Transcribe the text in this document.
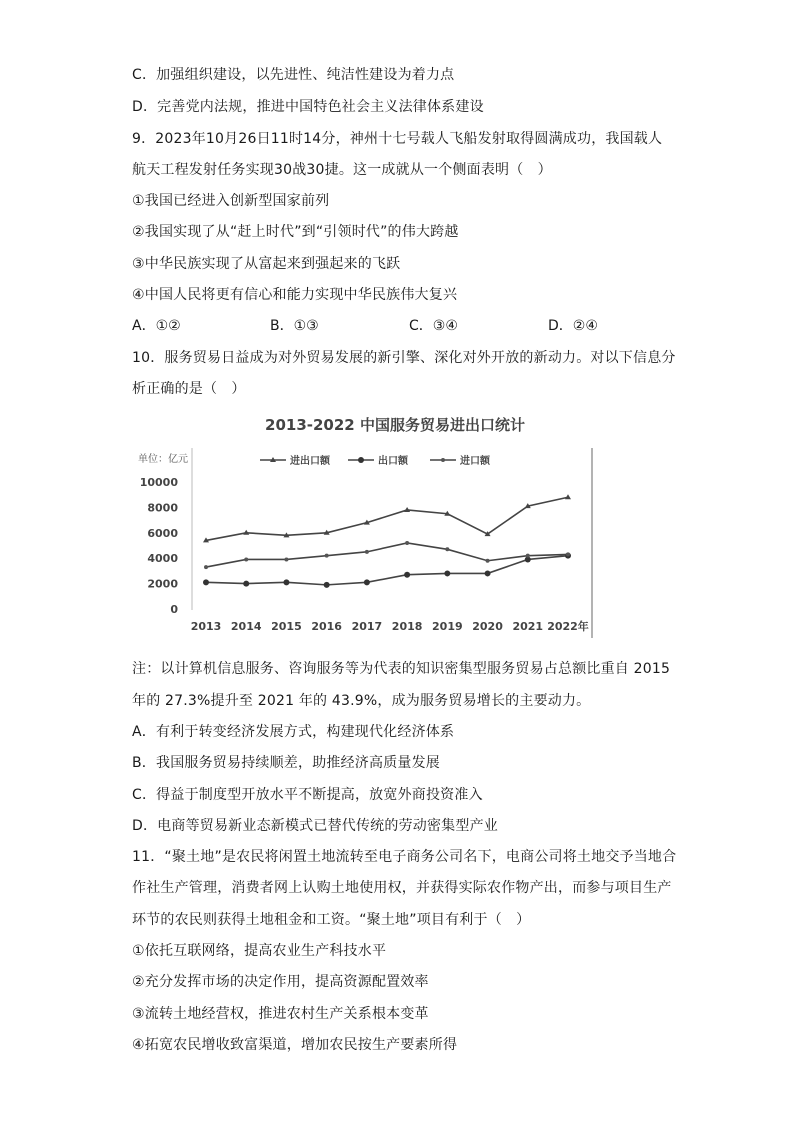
C．加强组织建设，以先进性、纯洁性建设为着力点
D．完善党内法规，推进中国特色社会主义法律体系建设
9．2023年10月26日11时14分，神州十七号载人飞船发射取得圆满成功，我国载人
航天工程发射任务实现30战30捷。这一成就从一个侧面表明（　）
①我国已经进入创新型国家前列
②我国实现了从“赶上时代”到“引领时代”的伟大跨越
③中华民族实现了从富起来到强起来的飞跃
④中国人民将更有信心和能力实现中华民族伟大复兴
A．①②	B．①③	C．③④	D．②④
10．服务贸易日益成为对外贸易发展的新引擎、深化对外开放的新动力。对以下信息分
析正确的是（　）
2013-2022 中国服务贸易进出口统计
单位：亿元	进出口额	出口额	进口额
10000
8000
6000
4000
2000
0
2013 2014 2015 2016 2017 2018 2019 2020 2021 2022年
注：以计算机信息服务、咨询服务等为代表的知识密集型服务贸易占总额比重自 2015
年的 27.3%提升至 2021 年的 43.9%，成为服务贸易增长的主要动力。
A．有利于转变经济发展方式，构建现代化经济体系
B．我国服务贸易持续顺差，助推经济高质量发展
C．得益于制度型开放水平不断提高，放宽外商投资准入
D．电商等贸易新业态新模式已替代传统的劳动密集型产业
11．“聚土地”是农民将闲置土地流转至电子商务公司名下，电商公司将土地交予当地合
作社生产管理，消费者网上认购土地使用权，并获得实际农作物产出，而参与项目生产
环节的农民则获得土地租金和工资。“聚土地”项目有利于（　）
①依托互联网络，提高农业生产科技水平
②充分发挥市场的决定作用，提高资源配置效率
③流转土地经营权，推进农村生产关系根本变革
④拓宽农民增收致富渠道，增加农民按生产要素所得
